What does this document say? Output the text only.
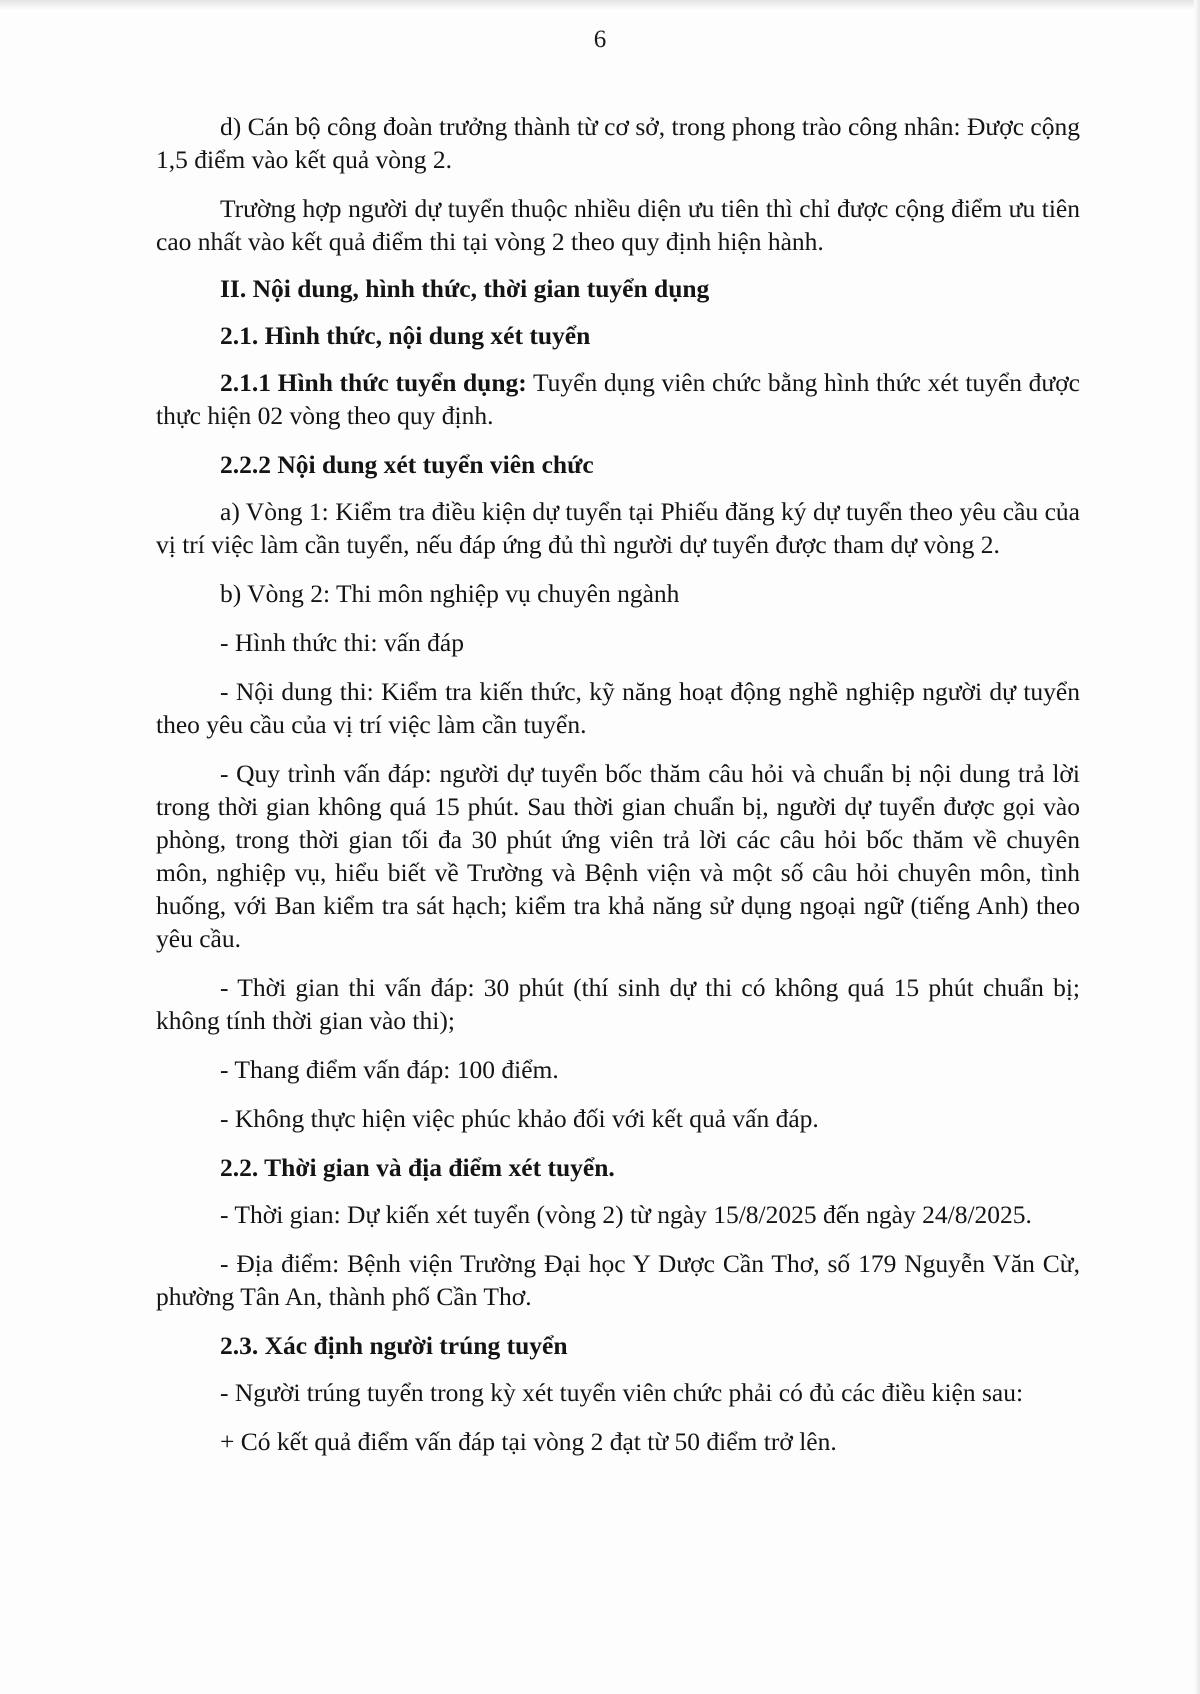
6

d) Cán bộ công đoàn trưởng thành từ cơ sở, trong phong trào công nhân: Được cộng 1,5 điểm vào kết quả vòng 2.

Trường hợp người dự tuyển thuộc nhiều diện ưu tiên thì chỉ được cộng điểm ưu tiên cao nhất vào kết quả điểm thi tại vòng 2 theo quy định hiện hành.

II. Nội dung, hình thức, thời gian tuyển dụng

2.1. Hình thức, nội dung xét tuyển

2.1.1 Hình thức tuyển dụng: Tuyển dụng viên chức bằng hình thức xét tuyển được thực hiện 02 vòng theo quy định.

2.2.2 Nội dung xét tuyển viên chức

a) Vòng 1: Kiểm tra điều kiện dự tuyển tại Phiếu đăng ký dự tuyển theo yêu cầu của vị trí việc làm cần tuyển, nếu đáp ứng đủ thì người dự tuyển được tham dự vòng 2.

b) Vòng 2: Thi môn nghiệp vụ chuyên ngành

- Hình thức thi: vấn đáp

- Nội dung thi: Kiểm tra kiến thức, kỹ năng hoạt động nghề nghiệp người dự tuyển theo yêu cầu của vị trí việc làm cần tuyển.

- Quy trình vấn đáp: người dự tuyển bốc thăm câu hỏi và chuẩn bị nội dung trả lời trong thời gian không quá 15 phút. Sau thời gian chuẩn bị, người dự tuyển được gọi vào phòng, trong thời gian tối đa 30 phút ứng viên trả lời các câu hỏi bốc thăm về chuyên môn, nghiệp vụ, hiểu biết về Trường và Bệnh viện và một số câu hỏi chuyên môn, tình huống, với Ban kiểm tra sát hạch; kiểm tra khả năng sử dụng ngoại ngữ (tiếng Anh) theo yêu cầu.

- Thời gian thi vấn đáp: 30 phút (thí sinh dự thi có không quá 15 phút chuẩn bị; không tính thời gian vào thi);

- Thang điểm vấn đáp: 100 điểm.

- Không thực hiện việc phúc khảo đối với kết quả vấn đáp.

2.2. Thời gian và địa điểm xét tuyển.

- Thời gian: Dự kiến xét tuyển (vòng 2) từ ngày 15/8/2025 đến ngày 24/8/2025.

- Địa điểm: Bệnh viện Trường Đại học Y Dược Cần Thơ, số 179 Nguyễn Văn Cừ, phường Tân An, thành phố Cần Thơ.

2.3. Xác định người trúng tuyển

- Người trúng tuyển trong kỳ xét tuyển viên chức phải có đủ các điều kiện sau:

+ Có kết quả điểm vấn đáp tại vòng 2 đạt từ 50 điểm trở lên.
